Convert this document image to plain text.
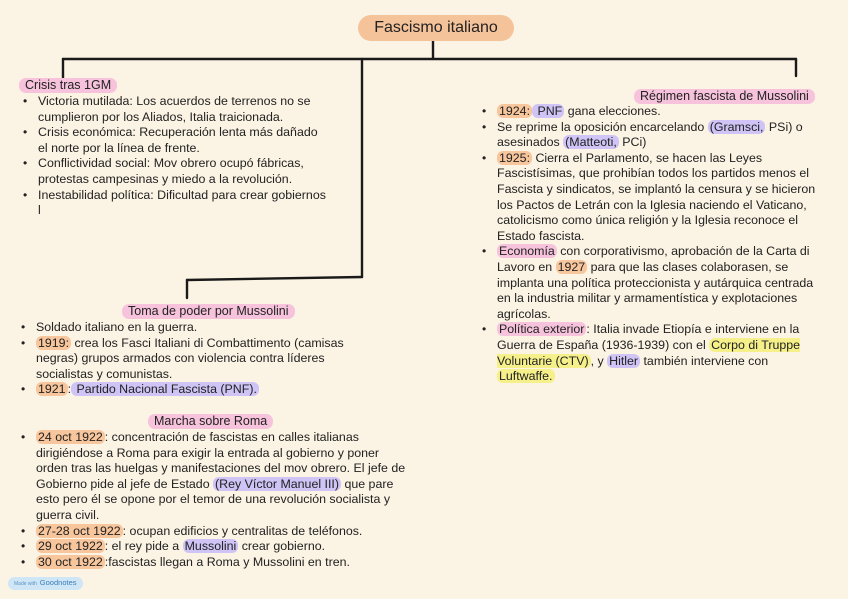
Fascismo italiano
Crisis tras 1GM
• Victoria mutilada: Los acuerdos de terrenos no se cumplieron por los Aliados, Italia traicionada.
• Crisis económica: Recuperación lenta más dañado el norte por la línea de frente.
• Conflictividad social: Mov obrero ocupó fábricas, protestas campesinas y miedo a la revolución.
• Inestabilidad política: Dificultad para crear gobiernos l
Toma de poder por Mussolini
• Soldado italiano en la guerra.
• 1919: crea los Fasci Italiani di Combattimento (camisas negras) grupos armados con violencia contra líderes socialistas y comunistas.
• 1921 : Partido Nacional Fascista (PNF).
Marcha sobre Roma
• 24 oct 1922 : concentración de fascistas en calles italianas dirigiéndose a Roma para exigir la entrada al gobierno y poner orden tras las huelgas y manifestaciones del mov obrero. El jefe de Gobierno pide al jefe de Estado (Rey Víctor Manuel III) que pare esto pero él se opone por el temor de una revolución socialista y guerra civil.
• 27-28 oct 1922 : ocupan edificios y centralitas de teléfonos.
• 29 oct 1922 : el rey pide a Mussolini crear gobierno.
• 30 oct 1922 :fascistas llegan a Roma y Mussolini en tren.
Régimen fascista de Mussolini
• 1924: PNF gana elecciones.
• Se reprime la oposición encarcelando (Gramsci, PSi) o asesinados (Matteoti, PCi)
• 1925: Cierra el Parlamento, se hacen las Leyes Fascistísimas, que prohibían todos los partidos menos el Fascista y sindicatos, se implantó la censura y se hicieron los Pactos de Letrán con la Iglesia naciendo el Vaticano, catolicismo como única religión y la Iglesia reconoce el Estado fascista.
• Economía con corporativismo, aprobación de la Carta di Lavoro en 1927 para que las clases colaborasen, se implanta una política proteccionista y autárquica centrada en la industria militar y armamentística y explotaciones agrícolas.
• Política exterior : Italia invade Etiopía e interviene en la Guerra de España (1936-1939) con el Corpo di Truppe Voluntarie (CTV) , y Hitler también interviene con Luftwaffe.
Made with Goodnotes
